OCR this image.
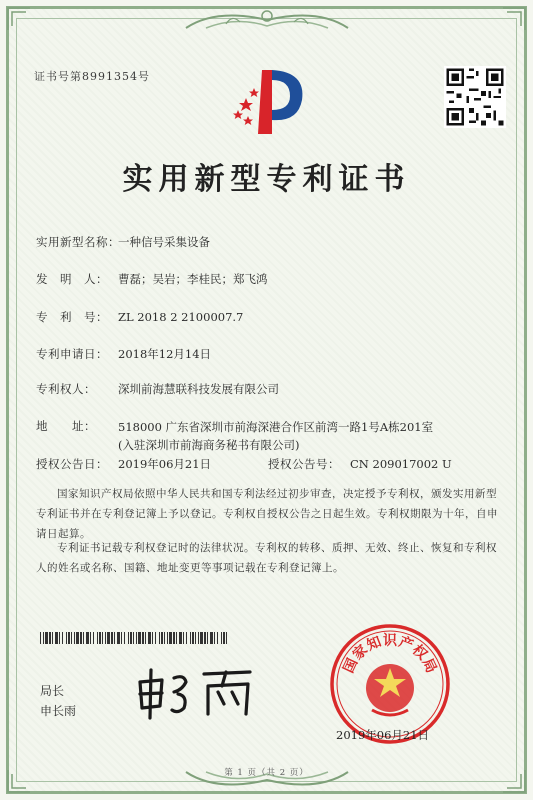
证书号第8991354号
实用新型专利证书
实用新型名称：一种信号采集设备
发　明　人： 曹磊；吴岩；李桂民；郑飞鸿
专　利　号： ZL 2018 2 2100007.7
专利申请日： 2018年12月14日
专利权人： 深圳前海慧联科技发展有限公司
地　　址：	518000 广东省深圳市前海深港合作区前湾一路1号A栋201室(入驻深圳市前海商务秘书有限公司)
授权公告日： 2019年06月21日	授权公告号： CN 209017002 U
国家知识产权局依照中华人民共和国专利法经过初步审查，决定授予专利权，颁发实用新型专利证书并在专利登记簿上予以登记。专利权自授权公告之日起生效。专利权期限为十年，自申请日起算。
专利证书记载专利权登记时的法律状况。专利权的转移、质押、无效、终止、恢复和专利权人的姓名或名称、国籍、地址变更等事项记载在专利登记簿上。
局长
申长雨
国
家
知 识 产
权
局
2019年06月21日
第 1 页（共 2 页）
